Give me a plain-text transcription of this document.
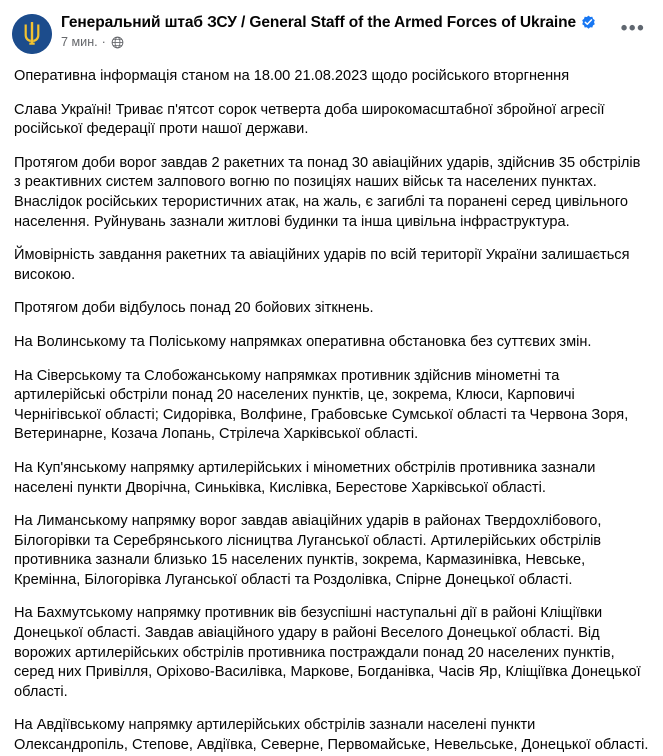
Генеральний штаб ЗСУ / General Staff of the Armed Forces of Ukraine
7 мин. ·
•••

Оперативна інформація станом на 18.00 21.08.2023 щодо російського вторгнення

Слава Україні! Триває п'ятсот сорок четверта доба широкомасштабної збройної агресії російської федерації проти нашої держави.

Протягом доби ворог завдав 2 ракетних та понад 30 авіаційних ударів, здійснив 35 обстрілів з реактивних систем залпового вогню по позиціях наших військ та населених пунктах. Внаслідок російських терористичних атак, на жаль, є загиблі та поранені серед цивільного населення. Руйнувань зазнали житлові будинки та інша цивільна інфраструктура.

Ймовірність завдання ракетних та авіаційних ударів по всій території України залишається високою.

Протягом доби відбулось понад 20 бойових зіткнень.

На Волинському та Поліському напрямках оперативна обстановка без суттєвих змін.

На Сіверському та Слобожанському напрямках противник здійснив мінометні та артилерійські обстріли понад 20 населених пунктів, це, зокрема, Клюси, Карповичі Чернігівської області; Сидорівка, Волфине, Грабовське Сумської області та Червона Зоря, Ветеринарне, Козача Лопань, Стрілеча Харківської області.

На Куп'янському напрямку артилерійських і мінометних обстрілів противника зазнали населені пункти Дворічна, Синьківка, Кислівка, Берестове Харківської області.

На Лиманському напрямку ворог завдав авіаційних ударів в районах Твердохлібового, Білогорівки та Серебрянського лісництва Луганської області. Артилерійських обстрілів противника зазнали близько 15 населених пунктів, зокрема, Кармазинівка, Невське, Кремінна, Білогорівка Луганської області та Роздолівка, Спірне Донецької області.

На Бахмутському напрямку противник вів безуспішні наступальні дії в районі Кліщіївки Донецької області. Завдав авіаційного удару в районі Веселого Донецької області. Від ворожих артилерійських обстрілів противника постраждали понад 20 населених пунктів, серед них Привілля, Оріхово-Василівка, Маркове, Богданівка, Часів Яр, Кліщіївка Донецької області.

На Авдіївському напрямку артилерійських обстрілів зазнали населені пункти Олександропіль, Степове, Авдіївка, Северне, Первомайське, Невельське, Донецької області.
